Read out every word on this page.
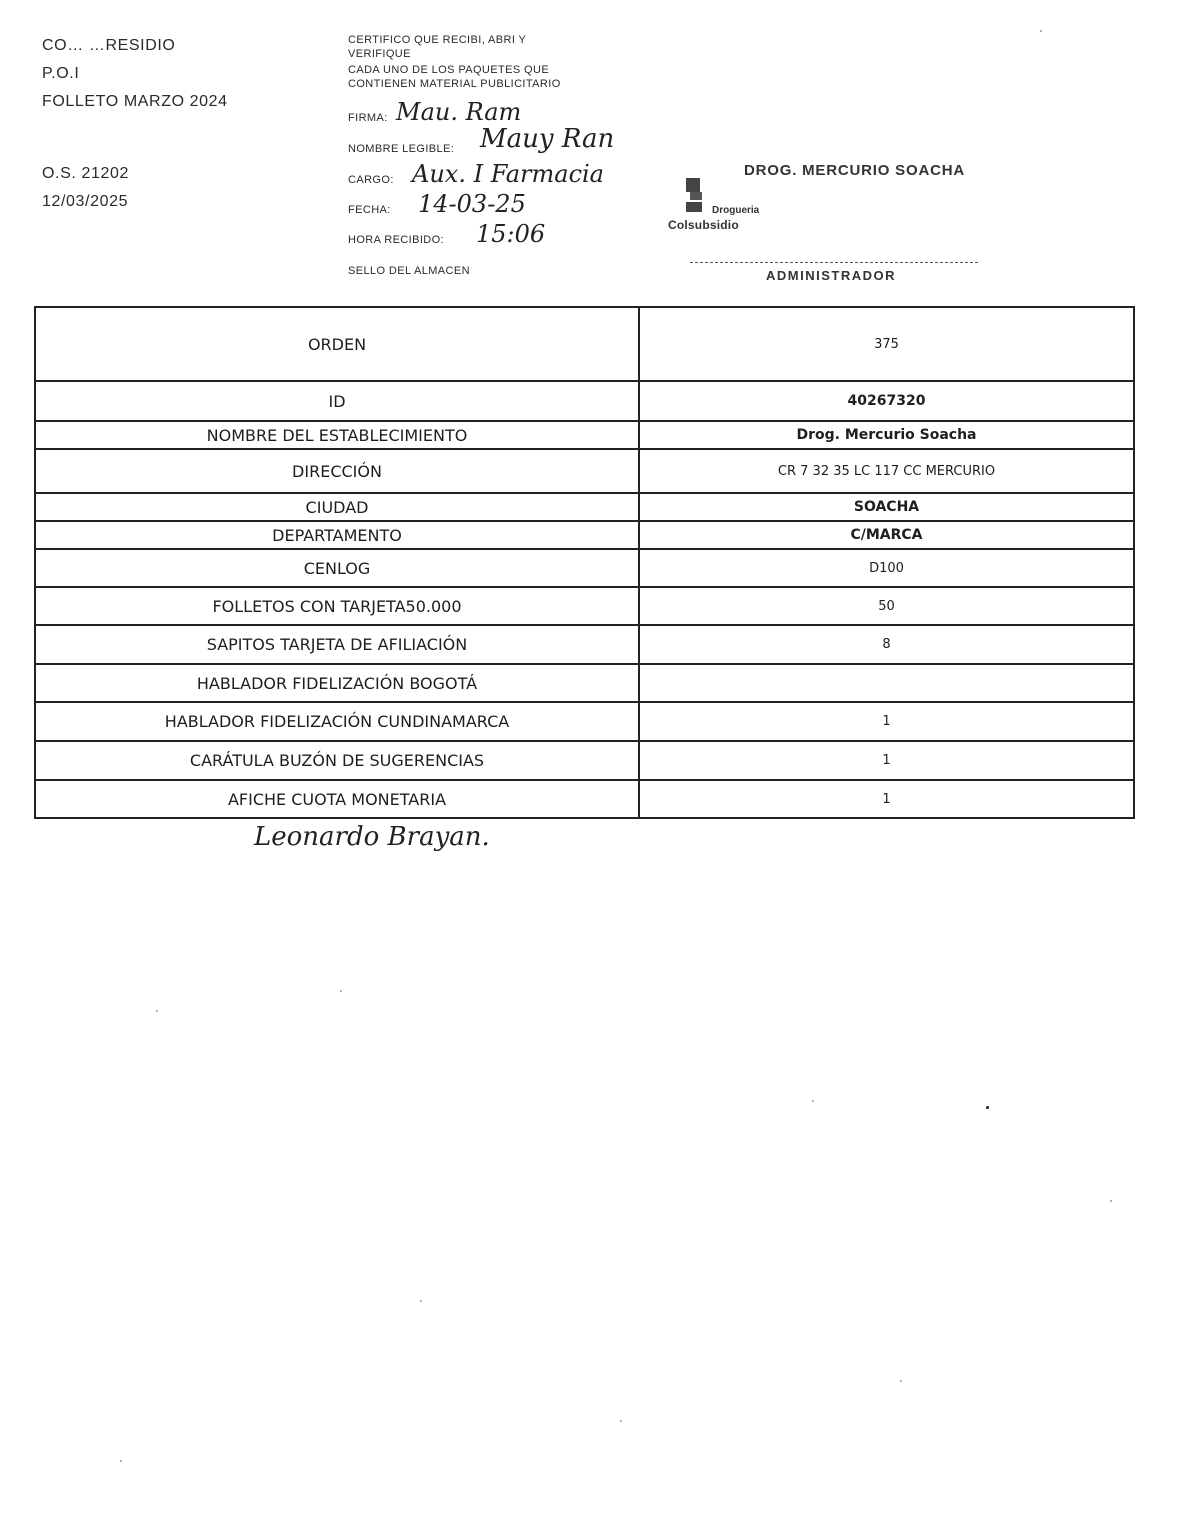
CO… …RESIDIO
P.O.I
FOLLETO MARZO 2024
O.S. 21202
12/03/2025
CERTIFICO QUE RECIBI, ABRI Y
VERIFIQUE
CADA UNO DE LOS PAQUETES QUE
CONTIENEN MATERIAL PUBLICITARIO
FIRMA: Mau. Ram
NOMBRE LEGIBLE: Mauy Ran
CARGO: Aux. I Farmacia
FECHA: 14-03-25
HORA RECIBIDO: 15:06
SELLO DEL ALMACEN
DROG. MERCURIO SOACHA
Drogueria
Colsubsidio
ADMINISTRADOR
ORDEN	375
ID	40267320
NOMBRE DEL ESTABLECIMIENTO	Drog. Mercurio Soacha
DIRECCIÓN	CR 7 32 35 LC 117 CC MERCURIO
CIUDAD	SOACHA
DEPARTAMENTO	C/MARCA
CENLOG	D100
FOLLETOS CON TARJETA50.000	50
SAPITOS TARJETA DE AFILIACIÓN	8
HABLADOR FIDELIZACIÓN BOGOTÁ	
HABLADOR FIDELIZACIÓN CUNDINAMARCA	1
CARÁTULA BUZÓN DE SUGERENCIAS	1
AFICHE CUOTA MONETARIA	1
Leonardo Brayan.
